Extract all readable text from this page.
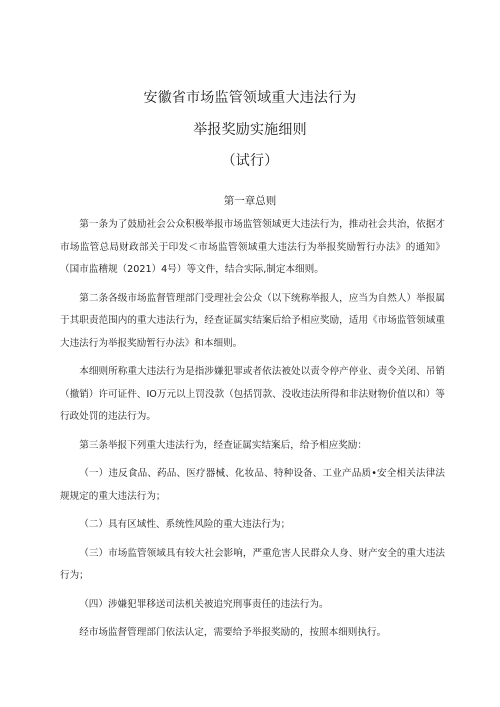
安徽省市场监管领域重大违法行为
举报奖励实施细则
（试行）
第一章总则

第一条为了鼓励社会公众积极举报市场监管领域更大违法行为，推动社会共治，依据才市场监管总局财政部关于印发＜市场监管领域重大违法行为举报奖励暂行办法》的通知》（国市监稽规（2021）4号）等文件，结合实际,制定本细则。

第二条各级市场监督管理部门受理社会公众（以下统称举报人，应当为自然人）举报属于其职责范围内的重大违法行为，经查证属实结案后给予相应奖励，适用《市场监管领域重大违法行为举报奖励暂行办法》和本细则。

本细则所称重大违法行为是指涉嫌犯罪或者依法被处以责令停产停业、责令关闭、吊销（撤销）许可证件、IO万元以上罚没款（包括罚款、没收违法所得和非法财物价值以和）等行政处罚的违法行为。

第三条举报下列重大违法行为，经查证属实结案后，给予相应奖励：

（一）违反食品、药品、医疗器械、化妆品、特种设备、工业产品质•安全相关法律法规规定的重大违法行为；

（二）具有区域性、系统性风险的重大违法行为；

（三）市场监管领域具有较大社会影响，严重危害人民群众人身、财产安全的重大违法行为；

（四）涉嫌犯罪移送司法机关被追究刑事责任的违法行为。

经市场监督管理部门依法认定，需要给予举报奖励的，按照本细则执行。
